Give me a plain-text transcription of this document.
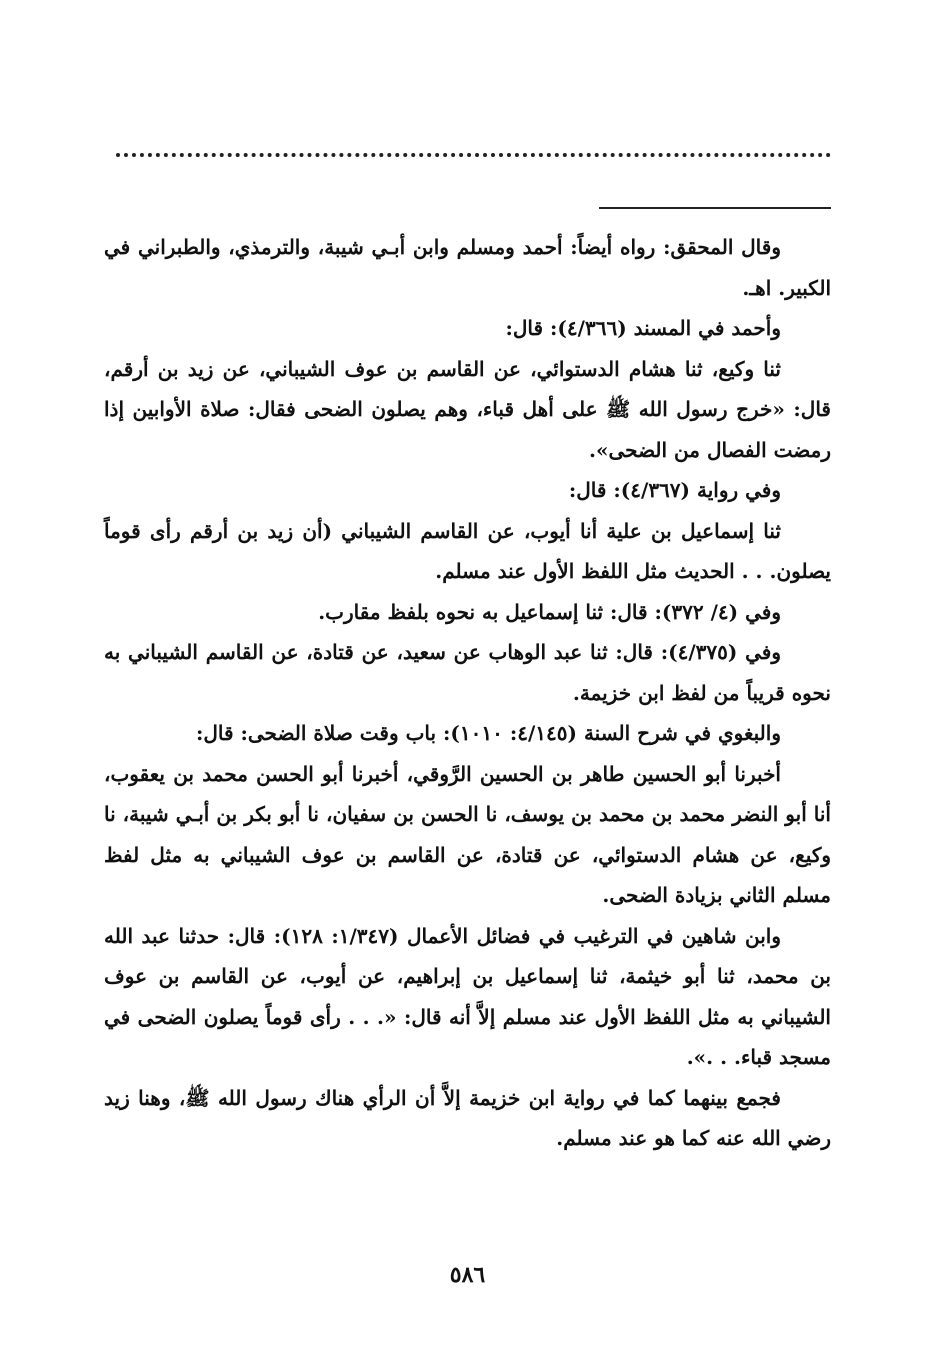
وقال المحقق: رواه أيضاً: أحمد ومسلم وابن أبـي شيبة، والترمذي، والطبراني في الكبير. اهـ.

وأحمد في المسند (٤/٣٦٦): قال:

ثنا وكيع، ثنا هشام الدستوائي، عن القاسم بن عوف الشيباني، عن زيد بن أرقم، قال: «خرج رسول الله ﷺ على أهل قباء، وهم يصلون الضحى فقال: صلاة الأوابين إذا رمضت الفصال من الضحى».

وفي رواية (٤/٣٦٧): قال:

ثنا إسماعيل بن علية أنا أيوب، عن القاسم الشيباني (أن زيد بن أرقم رأى قوماً يصلون. . . الحديث مثل اللفظ الأول عند مسلم.

وفي (٤/ ٣٧٢): قال: ثنا إسماعيل به نحوه بلفظ مقارب.

وفي (٤/٣٧٥): قال: ثنا عبد الوهاب عن سعيد، عن قتادة، عن القاسم الشيباني به نحوه قريباً من لفظ ابن خزيمة.

والبغوي في شرح السنة (٤/١٤٥: ١٠١٠): باب وقت صلاة الضحى: قال:

أخبرنا أبو الحسين طاهر بن الحسين الرَّوقي، أخبرنا أبو الحسن محمد بن يعقوب، أنا أبو النضر محمد بن محمد بن يوسف، نا الحسن بن سفيان، نا أبو بكر بن أبـي شيبة، نا وكيع، عن هشام الدستوائي، عن قتادة، عن القاسم بن عوف الشيباني به مثل لفظ مسلم الثاني بزيادة الضحى.

وابن شاهين في الترغيب في فضائل الأعمال (١/٣٤٧: ١٢٨): قال: حدثنا عبد الله بن محمد، ثنا أبو خيثمة، ثنا إسماعيل بن إبراهيم، عن أيوب، عن القاسم بن عوف الشيباني به مثل اللفظ الأول عند مسلم إلاَّ أنه قال: «. . . رأى قوماً يصلون الضحى في مسجد قباء. . .».

فجمع بينهما كما في رواية ابن خزيمة إلاَّ أن الرأي هناك رسول الله ﷺ، وهنا زيد رضي الله عنه كما هو عند مسلم.

٥٨٦
